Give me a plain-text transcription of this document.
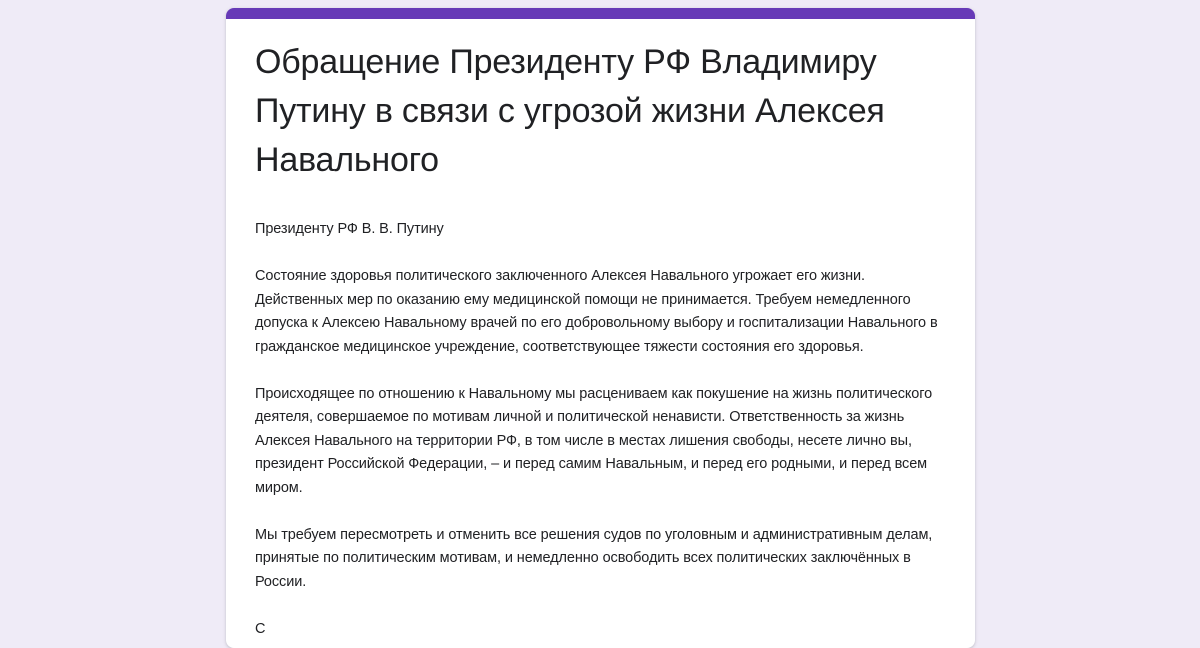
Обращение Президенту РФ Владимиру Путину в связи с угрозой жизни Алексея Навального

Президенту РФ В. В. Путину

Состояние здоровья политического заключенного Алексея Навального угрожает его жизни. Действенных мер по оказанию ему медицинской помощи не принимается. Требуем немедленного допуска к Алексею Навальному врачей по его добровольному выбору и госпитализации Навального в гражданское медицинское учреждение, соответствующее тяжести состояния его здоровья.

Происходящее по отношению к Навальному мы расцениваем как покушение на жизнь политического деятеля, совершаемое по мотивам личной и политической ненависти. Ответственность за жизнь Алексея Навального на территории РФ, в том числе в местах лишения свободы, несете лично вы, президент Российской Федерации, – и перед самим Навальным, и перед его родными, и перед всем миром.

Мы требуем пересмотреть и отменить все решения судов по уголовным и административным делам, принятые по политическим мотивам, и немедленно освободить всех политических заключённых в России.

С
